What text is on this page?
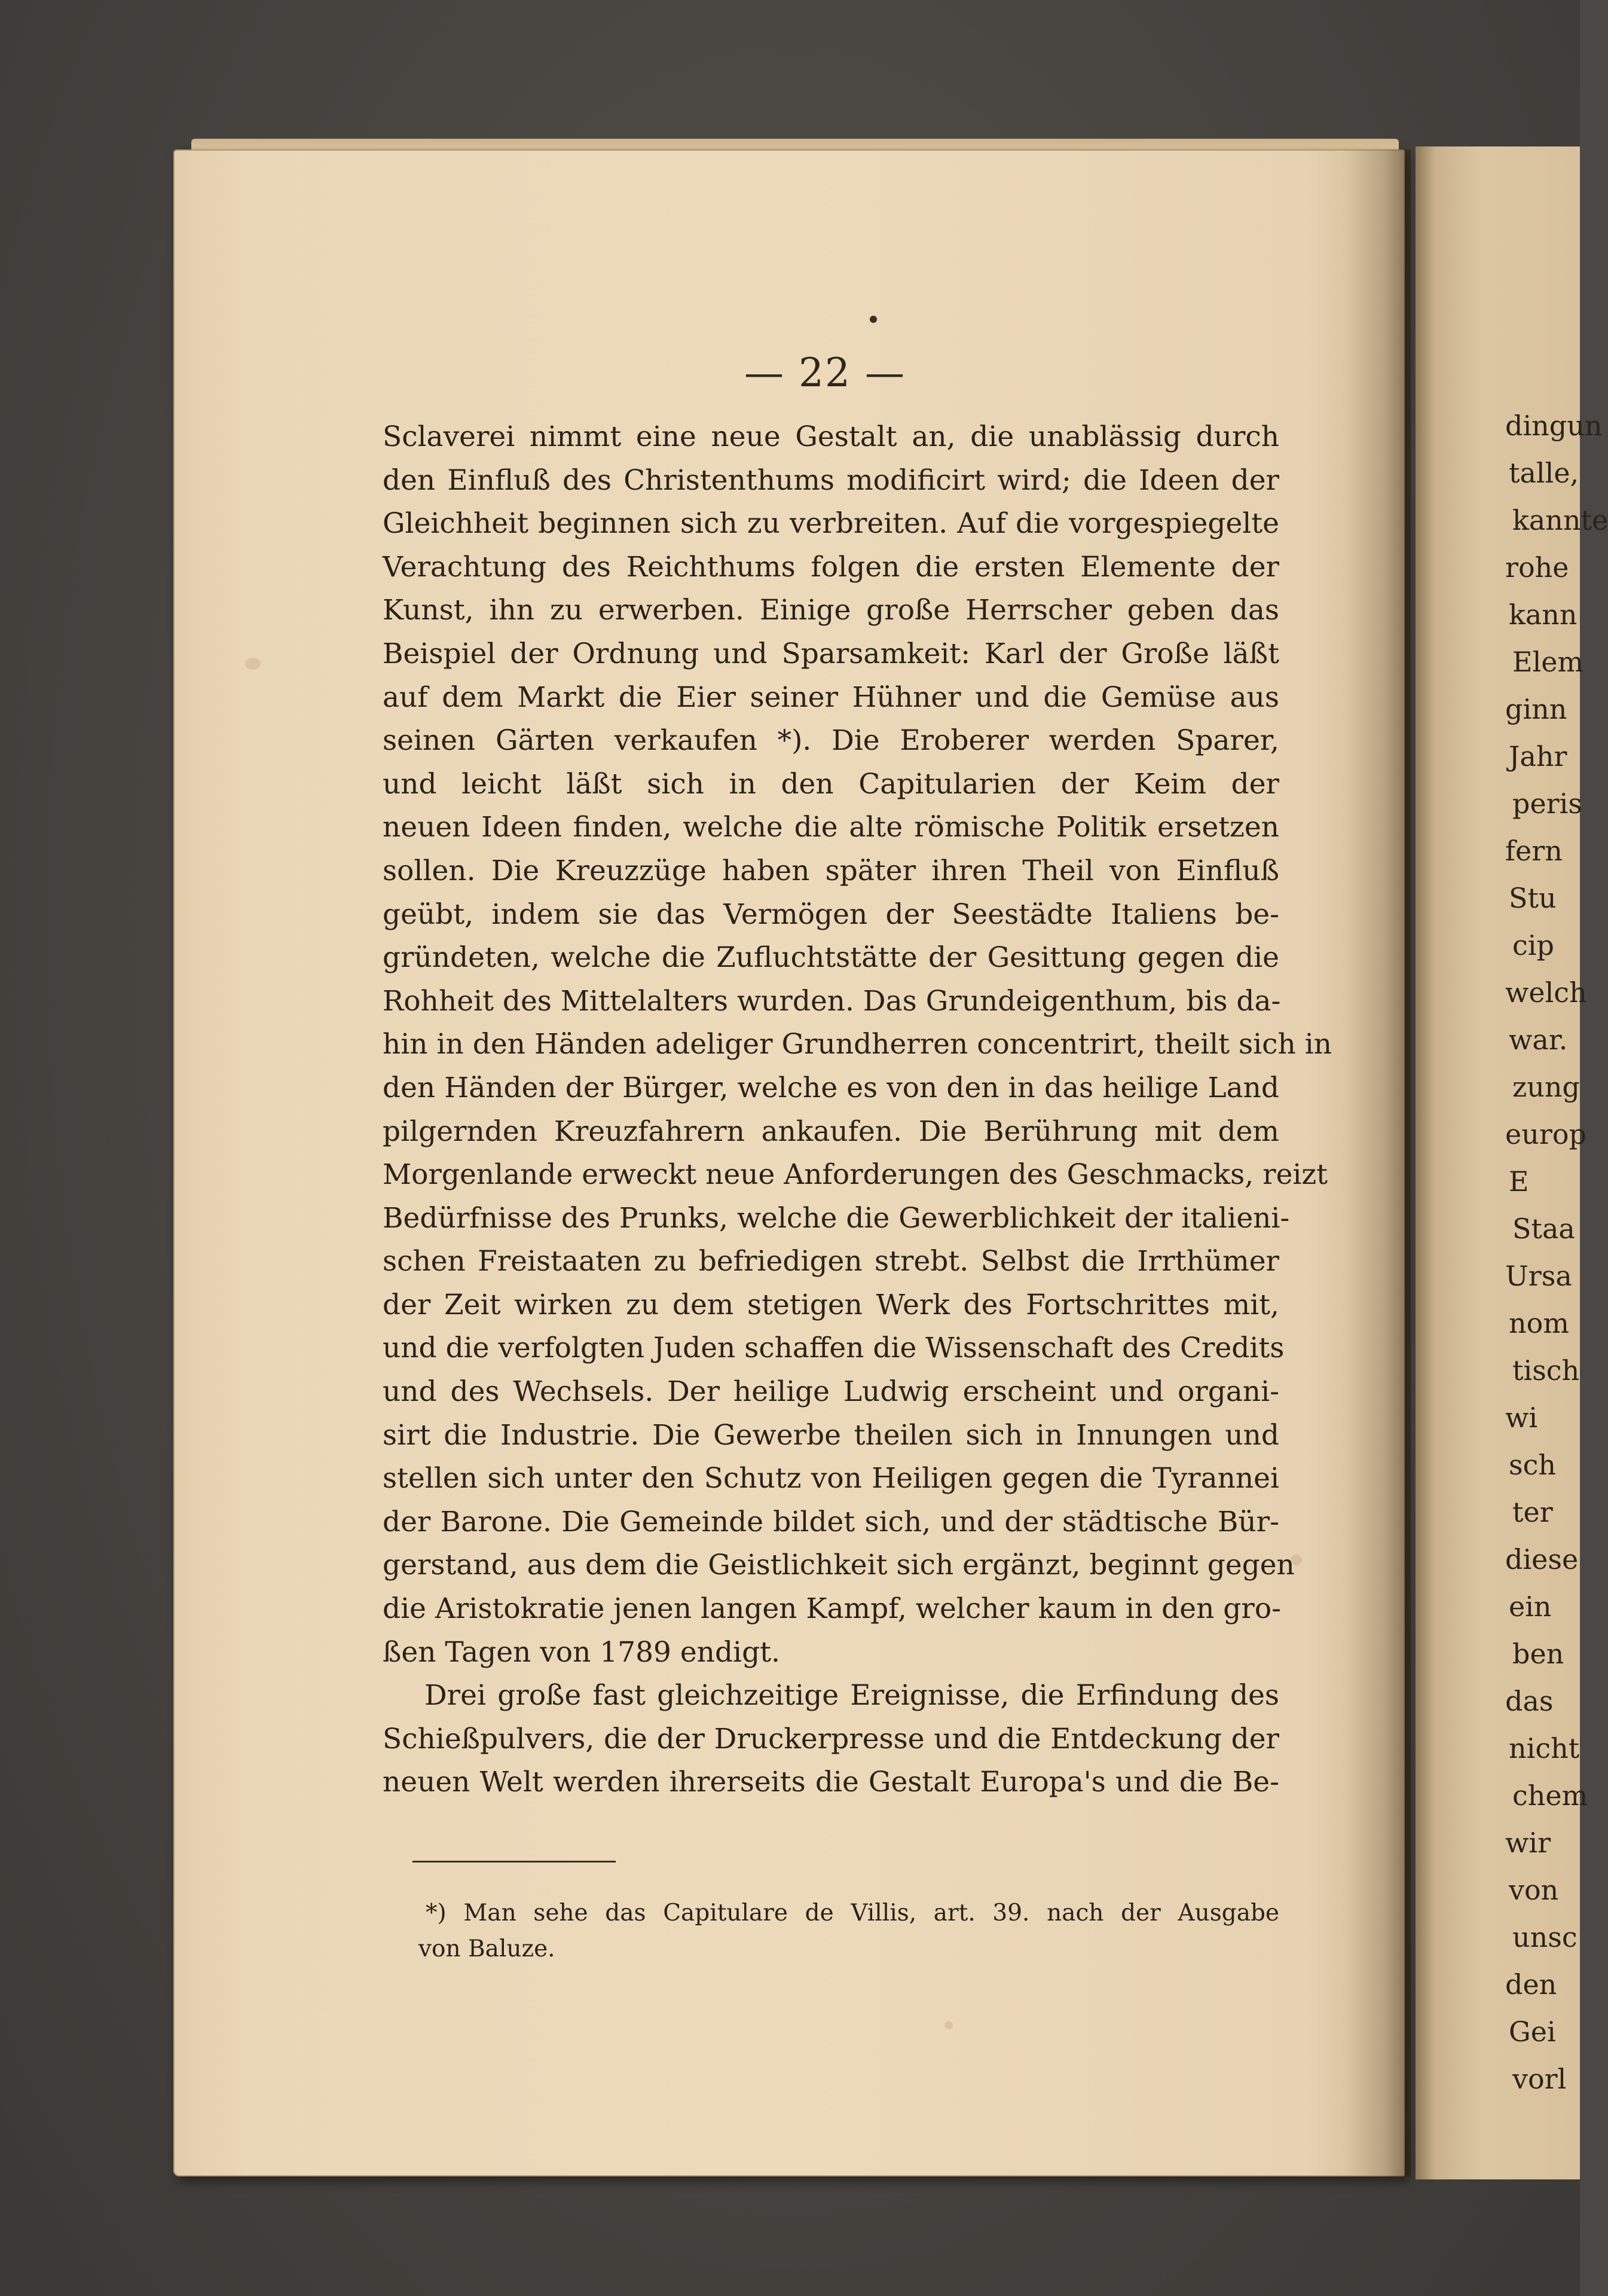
dingun
talle,
kannte
rohe
kann
Elem
ginn
Jahr
peris
fern
Stu
cip
welch
war.
zung
europ
E
Staa
Ursa
nom
tisch
wi
sch
ter
diese
ein
ben
das
nicht
chem
wir
von
unsc
den
Gei
vorl
— 22 —
Sclaverei nimmt eine neue Gestalt an, die unablässig durch
den Einfluß des Christenthums modificirt wird; die Ideen der
Gleichheit beginnen sich zu verbreiten. Auf die vorgespiegelte
Verachtung des Reichthums folgen die ersten Elemente der
Kunst, ihn zu erwerben. Einige große Herrscher geben das
Beispiel der Ordnung und Sparsamkeit: Karl der Große läßt
auf dem Markt die Eier seiner Hühner und die Gemüse aus
seinen Gärten verkaufen *). Die Eroberer werden Sparer,
und leicht läßt sich in den Capitularien der Keim der
neuen Ideen finden, welche die alte römische Politik ersetzen
sollen. Die Kreuzzüge haben später ihren Theil von Einfluß
geübt, indem sie das Vermögen der Seestädte Italiens be-
gründeten, welche die Zufluchtstätte der Gesittung gegen die
Rohheit des Mittelalters wurden. Das Grundeigenthum, bis da-
hin in den Händen adeliger Grundherren concentrirt, theilt sich in
den Händen der Bürger, welche es von den in das heilige Land
pilgernden Kreuzfahrern ankaufen. Die Berührung mit dem
Morgenlande erweckt neue Anforderungen des Geschmacks, reizt
Bedürfnisse des Prunks, welche die Gewerblichkeit der italieni-
schen Freistaaten zu befriedigen strebt. Selbst die Irrthümer
der Zeit wirken zu dem stetigen Werk des Fortschrittes mit,
und die verfolgten Juden schaffen die Wissenschaft des Credits
und des Wechsels. Der heilige Ludwig erscheint und organi-
sirt die Industrie. Die Gewerbe theilen sich in Innungen und
stellen sich unter den Schutz von Heiligen gegen die Tyrannei
der Barone. Die Gemeinde bildet sich, und der städtische Bür-
gerstand, aus dem die Geistlichkeit sich ergänzt, beginnt gegen
die Aristokratie jenen langen Kampf, welcher kaum in den gro-
ßen Tagen von 1789 endigt.
Drei große fast gleichzeitige Ereignisse, die Erfindung des
Schießpulvers, die der Druckerpresse und die Entdeckung der
neuen Welt werden ihrerseits die Gestalt Europa's und die Be-
*) Man sehe das Capitulare de Villis, art. 39. nach der Ausgabe
von Baluze.
